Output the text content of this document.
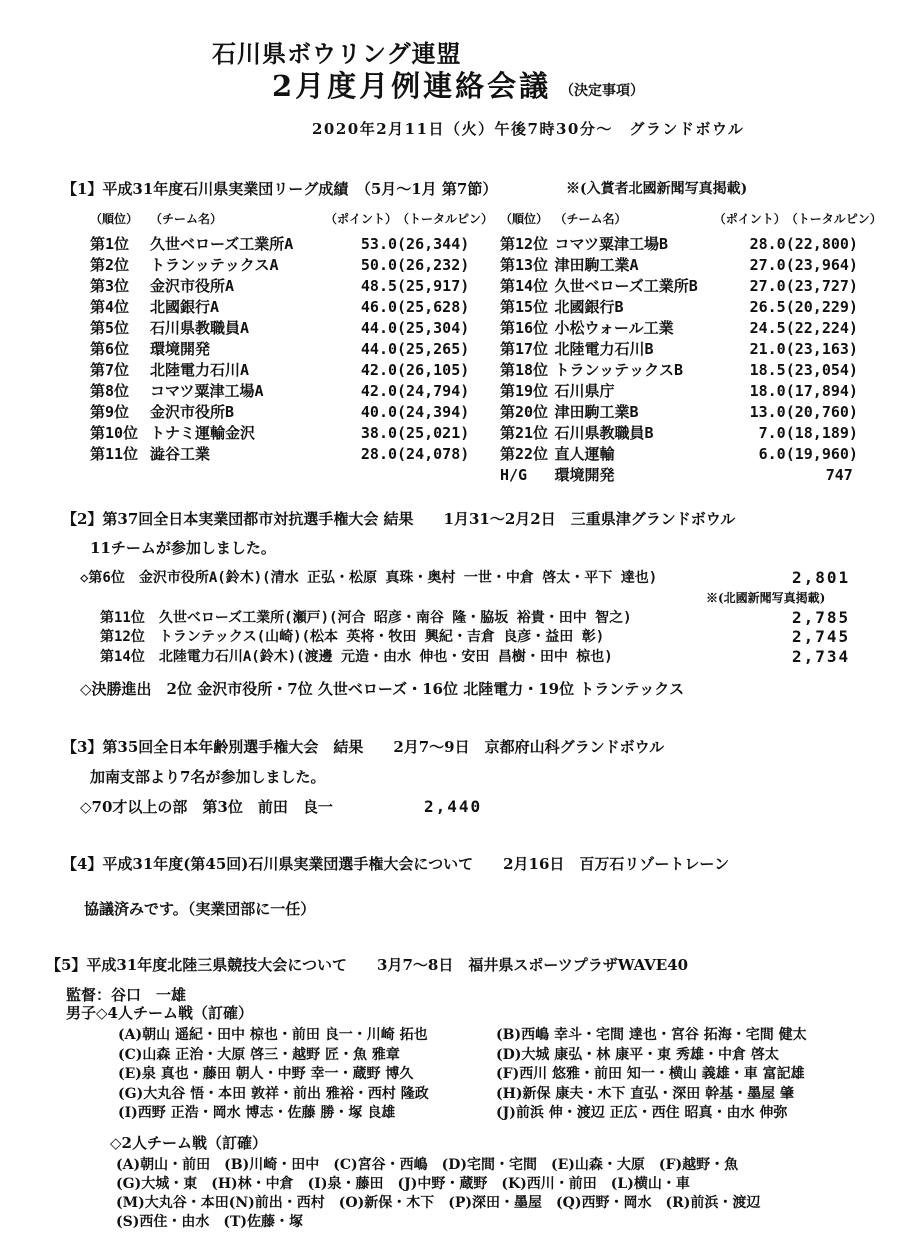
石川県ボウリング連盟
2月度月例連絡会議 （決定事項）
2020年2月11日（火）午後7時30分～　グランドボウル
【1】平成31年度石川県実業団リーグ成績　（5月～1月 第7節）	※(入賞者北國新聞写真掲載)
（順位）	（チーム名）	（ポイント）	（トータルピン）
第1位	久世ベローズ工業所A	53.0	(26,344)
第2位	トランッテックスA	50.0	(26,232)
第3位	金沢市役所A	48.5	(25,917)
第4位	北國銀行A	46.0	(25,628)
第5位	石川県教職員A	44.0	(25,304)
第6位	環境開発	44.0	(25,265)
第7位	北陸電力石川A	42.0	(26,105)
第8位	コマツ粟津工場A	42.0	(24,794)
第9位	金沢市役所B	40.0	(24,394)
第10位	トナミ運輸金沢	38.0	(25,021)
第11位	澁谷工業	28.0	(24,078)
（順位）	（チーム名）	（ポイント）	（トータルピン）
第12位	コマツ粟津工場B	28.0	(22,800)
第13位	津田駒工業A	27.0	(23,964)
第14位	久世ベローズ工業所B	27.0	(23,727)
第15位	北國銀行B	26.5	(20,229)
第16位	小松ウォール工業	24.5	(22,224)
第17位	北陸電力石川B	21.0	(23,163)
第18位	トランッテックスB	18.5	(23,054)
第19位	石川県庁	18.0	(17,894)
第20位	津田駒工業B	13.0	(20,760)
第21位	石川県教職員B	7.0	(18,189)
第22位	直人運輸	6.0	(19,960)
H/G	環境開発		747
【2】第37回全日本実業団都市対抗選手権大会 結果　　1月31～2月2日　三重県津グランドボウル
11チームが参加しました。
◇第6位　金沢市役所A(鈴木)(清水 正弘・松原 真珠・奥村 一世・中倉 啓太・平下 達也)	2,801
※(北國新聞写真掲載)
第11位　久世ベローズ工業所(瀬戸)(河合 昭彦・南谷 隆・脇坂 裕貴・田中 智之)	2,785
第12位　トランテックス(山崎)(松本 英将・牧田 興紀・吉倉 良彦・益田 彰)	2,745
第14位　北陸電力石川A(鈴木)(渡邊 元造・由水 伸也・安田 昌樹・田中 椋也)	2,734
◇決勝進出　2位 金沢市役所・7位 久世ベローズ・16位 北陸電力・19位 トランテックス
【3】第35回全日本年齢別選手権大会　結果　　2月7～9日　京都府山科グランドボウル
加南支部より7名が参加しました。
◇70才以上の部　第3位　前田　良一	2,440
【4】平成31年度(第45回)石川県実業団選手権大会について　　2月16日　百万石リゾートレーン
協議済みです。（実業団部に一任）
【5】平成31年度北陸三県競技大会について　　3月7～8日　福井県スポーツプラザWAVE40
監督：谷口　一雄
男子◇4人チーム戦（訂確）
(A)朝山 遥紀・田中 椋也・前田 良一・川崎 拓也	(B)西嶋 幸斗・宅間 達也・宮谷 拓海・宅間 健太
(C)山森 正治・大原 啓三・越野 匠・魚 雅章	(D)大城 康弘・林 康平・東 秀雄・中倉 啓太
(E)泉 真也・藤田 朝人・中野 幸一・蔵野 博久	(F)西川 悠雅・前田 知一・横山 義雄・車 富記雄
(G)大丸谷 悟・本田 敦祥・前出 雅裕・西村 隆政	(H)新保 康夫・木下 直弘・深田 幹基・墨屋 肇
(I)西野 正浩・岡水 博志・佐藤 勝・塚 良雄	(J)前浜 伸・渡辺 正広・西住 昭真・由水 伸弥
◇2人チーム戦（訂確）
(A)朝山・前田　(B)川崎・田中　(C)宮谷・西嶋　(D)宅間・宅間　(E)山森・大原　(F)越野・魚
(G)大城・東　(H)林・中倉　(I)泉・藤田　(J)中野・蔵野　(K)西川・前田　(L)横山・車
(M)大丸谷・本田(N)前出・西村　(O)新保・木下　(P)深田・墨屋　(Q)西野・岡水　(R)前浜・渡辺
(S)西住・由水　(T)佐藤・塚
